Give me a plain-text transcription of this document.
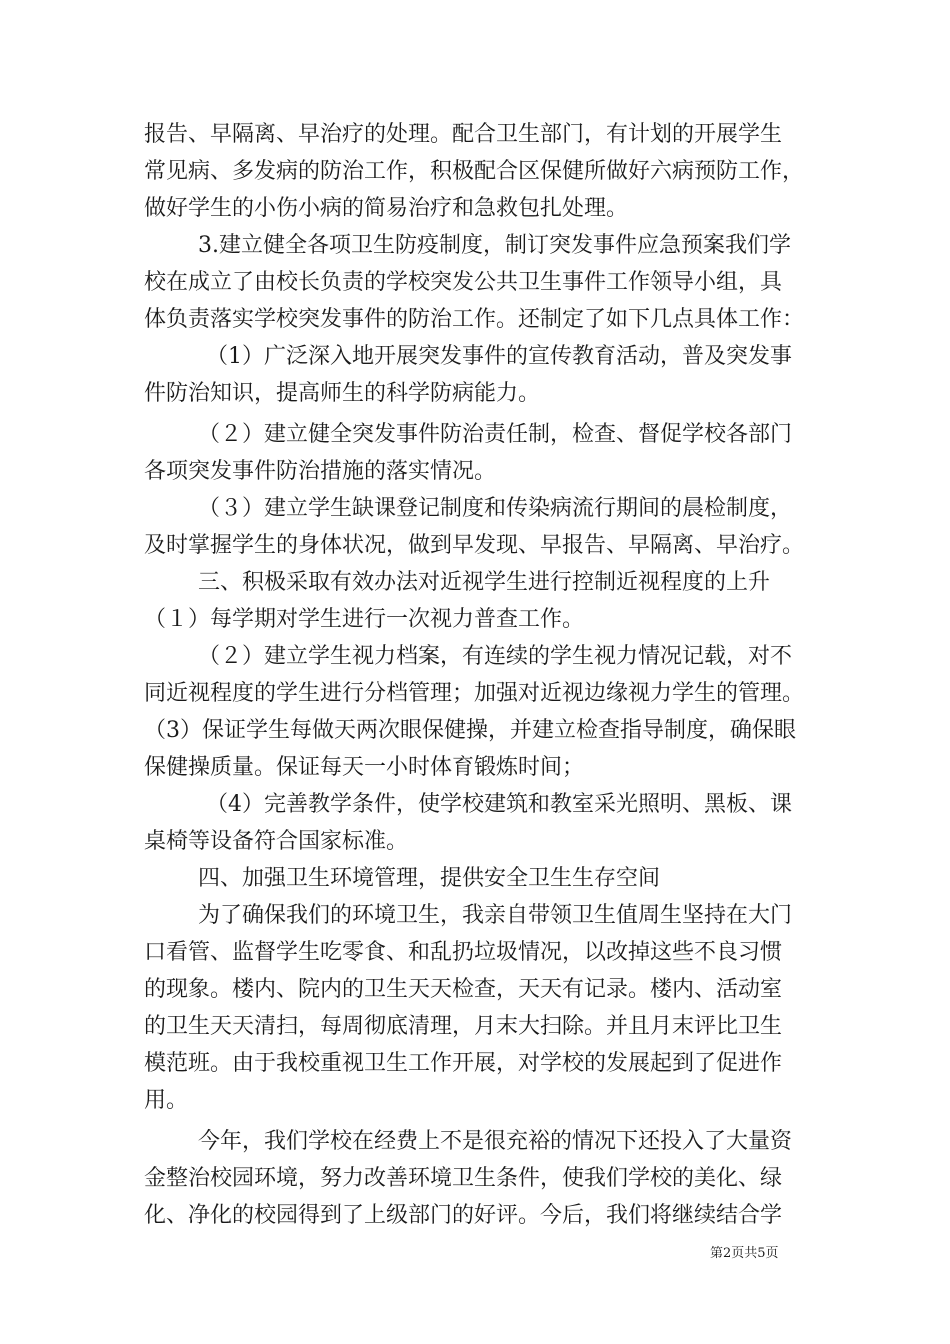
报告、早隔离、早治疗的处理。配合卫生部门，有计划的开展学生
常见病、多发病的防治工作，积极配合区保健所做好六病预防工作，
做好学生的小伤小病的简易治疗和急救包扎处理。
3.建立健全各项卫生防疫制度，制订突发事件应急预案我们学
校在成立了由校长负责的学校突发公共卫生事件工作领导小组，具
体负责落实学校突发事件的防治工作。还制定了如下几点具体工作：
（1）广泛深入地开展突发事件的宣传教育活动，普及突发事
件防治知识，提高师生的科学防病能力。
（２）建立健全突发事件防治责任制，检查、督促学校各部门
各项突发事件防治措施的落实情况。
（３）建立学生缺课登记制度和传染病流行期间的晨检制度，
及时掌握学生的身体状况，做到早发现、早报告、早隔离、早治疗。
三、积极采取有效办法对近视学生进行控制近视程度的上升
（１）每学期对学生进行一次视力普查工作。
（２）建立学生视力档案，有连续的学生视力情况记载，对不
同近视程度的学生进行分档管理；加强对近视边缘视力学生的管理。
（3）保证学生每做天两次眼保健操，并建立检查指导制度，确保眼
保健操质量。保证每天一小时体育锻炼时间；
（4）完善教学条件，使学校建筑和教室采光照明、黑板、课
桌椅等设备符合国家标准。
四、加强卫生环境管理，提供安全卫生生存空间
为了确保我们的环境卫生，我亲自带领卫生值周生坚持在大门
口看管、监督学生吃零食、和乱扔垃圾情况，以改掉这些不良习惯
的现象。楼内、院内的卫生天天检查，天天有记录。楼内、活动室
的卫生天天清扫，每周彻底清理，月末大扫除。并且月末评比卫生
模范班。由于我校重视卫生工作开展，对学校的发展起到了促进作
用。
今年，我们学校在经费上不是很充裕的情况下还投入了大量资
金整治校园环境，努力改善环境卫生条件，使我们学校的美化、绿
化、净化的校园得到了上级部门的好评。今后，我们将继续结合学
第2页共5页
